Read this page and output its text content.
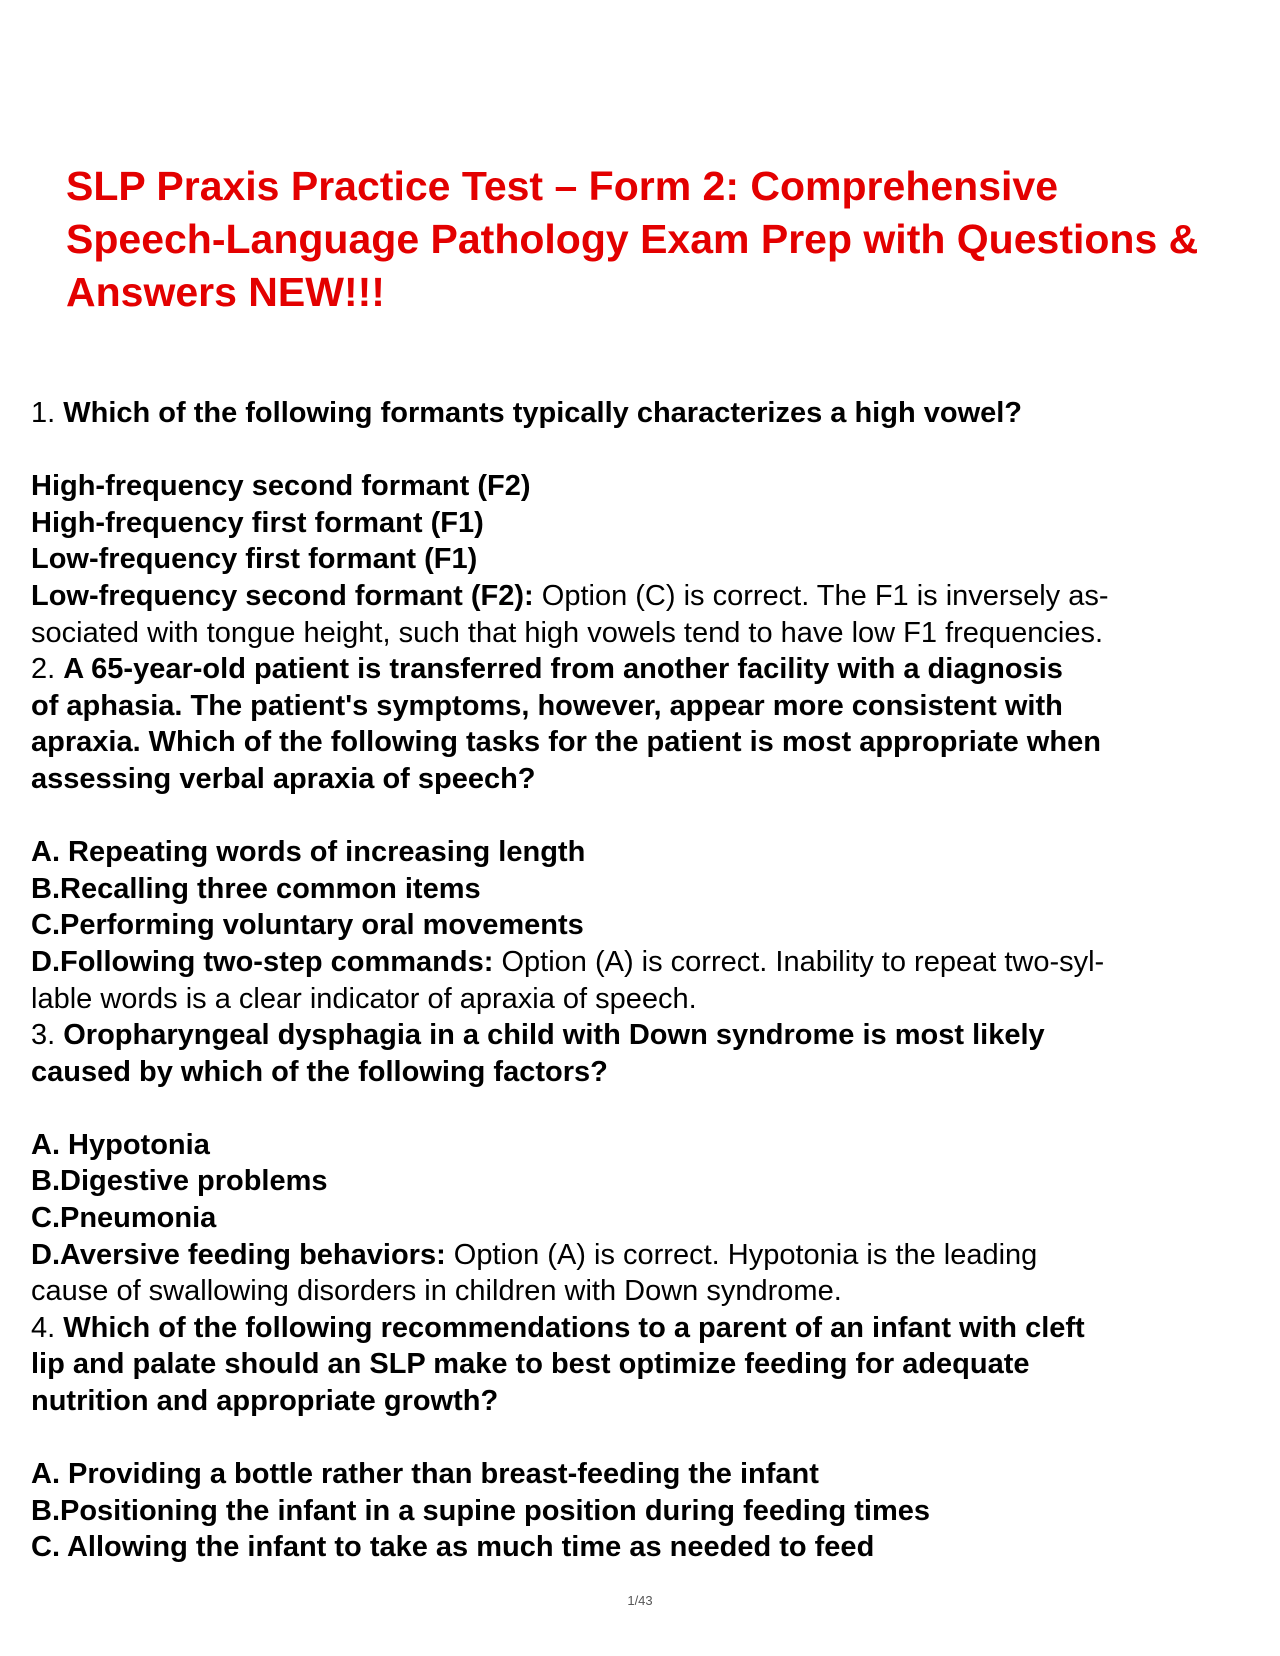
SLP Praxis Practice Test – Form 2: Comprehensive Speech-Language Pathology Exam Prep with Questions & Answers NEW!!!
1. Which of the following formants typically characterizes a high vowel?
High-frequency second formant (F2)
High-frequency first formant (F1)
Low-frequency first formant (F1)
Low-frequency second formant (F2): Option (C) is correct. The F1 is inversely as-
sociated with tongue height, such that high vowels tend to have low F1 frequencies.
2. A 65-year-old patient is transferred from another facility with a diagnosis
of aphasia. The patient's symptoms, however, appear more consistent with
apraxia. Which of the following tasks for the patient is most appropriate when
assessing verbal apraxia of speech?
A. Repeating words of increasing length
B.Recalling three common items
C.Performing voluntary oral movements
D.Following two-step commands: Option (A) is correct. Inability to repeat two-syl-
lable words is a clear indicator of apraxia of speech.
3. Oropharyngeal dysphagia in a child with Down syndrome is most likely
caused by which of the following factors?
A. Hypotonia
B.Digestive problems
C.Pneumonia
D.Aversive feeding behaviors: Option (A) is correct. Hypotonia is the leading
cause of swallowing disorders in children with Down syndrome.
4. Which of the following recommendations to a parent of an infant with cleft
lip and palate should an SLP make to best optimize feeding for adequate
nutrition and appropriate growth?
A. Providing a bottle rather than breast-feeding the infant
B.Positioning the infant in a supine position during feeding times
C. Allowing the infant to take as much time as needed to feed
1/43
